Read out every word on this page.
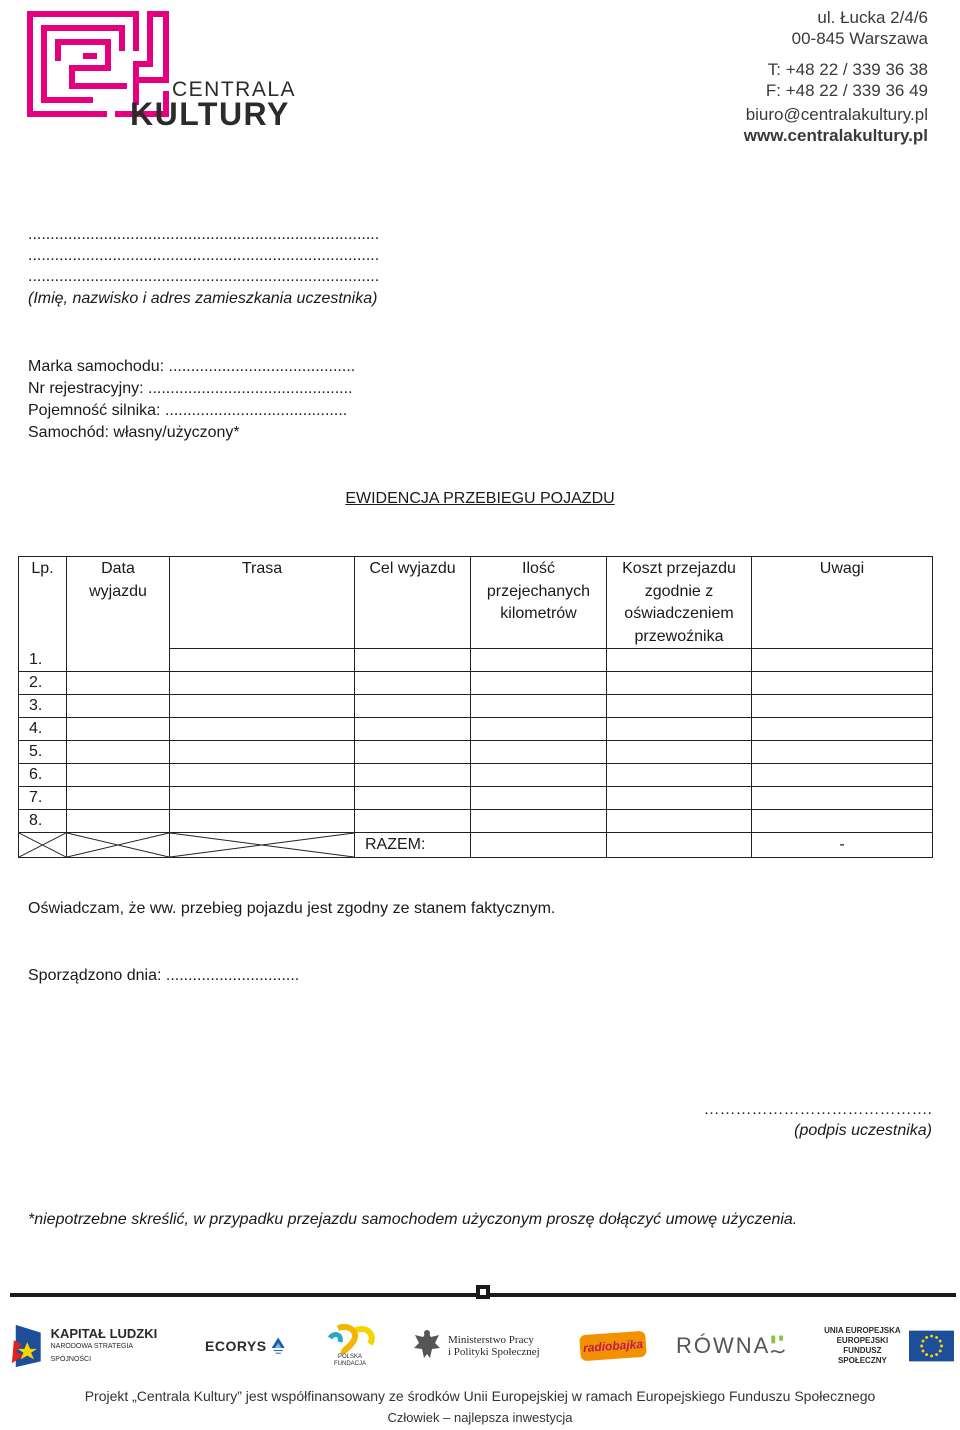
CENTRALA
KULTURY
ul. Łucka 2/4/6
00-845 Warszawa
T: +48 22 / 339 36 38
F: +48 22 / 339 36 49
biuro@centralakultury.pl
www.centralakultury.pl
...............................................................................
...............................................................................
...............................................................................
(Imię, nazwisko i adres zamieszkania uczestnika)
Marka samochodu: ..........................................
Nr rejestracyjny: ..............................................
Pojemność silnika: .........................................
Samochód: własny/użyczony*
EWIDENCJA PRZEBIEGU POJAZDU
Lp.	Data wyjazdu	Trasa	Cel wyjazdu	Ilość przejechanych kilometrów	Koszt przejazdu zgodnie z oświadczeniem przewoźnika	Uwagi
1.						
2.						
3.						
4.						
5.						
6.						
7.						
8.						

	RAZEM:			-
Oświadczam, że ww. przebieg pojazdu jest zgodny ze stanem faktycznym.
Sporządzono dnia: ..............................
…………………………………….
(podpis uczestnika)
*niepotrzebne skreślić, w przypadku przejazdu samochodem użyczonym proszę dołączyć umowę użyczenia.
KAPITAŁ LUDZKI
NARODOWA STRATEGIA SPÓJNOŚCI
ECORYS
POLSKA
FUNDACJA
Ministerstwo Pracy
i Polityki Społecznej	radiobajka RÓWNA
UNIA EUROPEJSKA
EUROPEJSKI
FUNDUSZ SPOŁECZNY
Projekt „Centrala Kultury” jest współfinansowany ze środków Unii Europejskiej w ramach Europejskiego Funduszu Społecznego
Człowiek – najlepsza inwestycja
